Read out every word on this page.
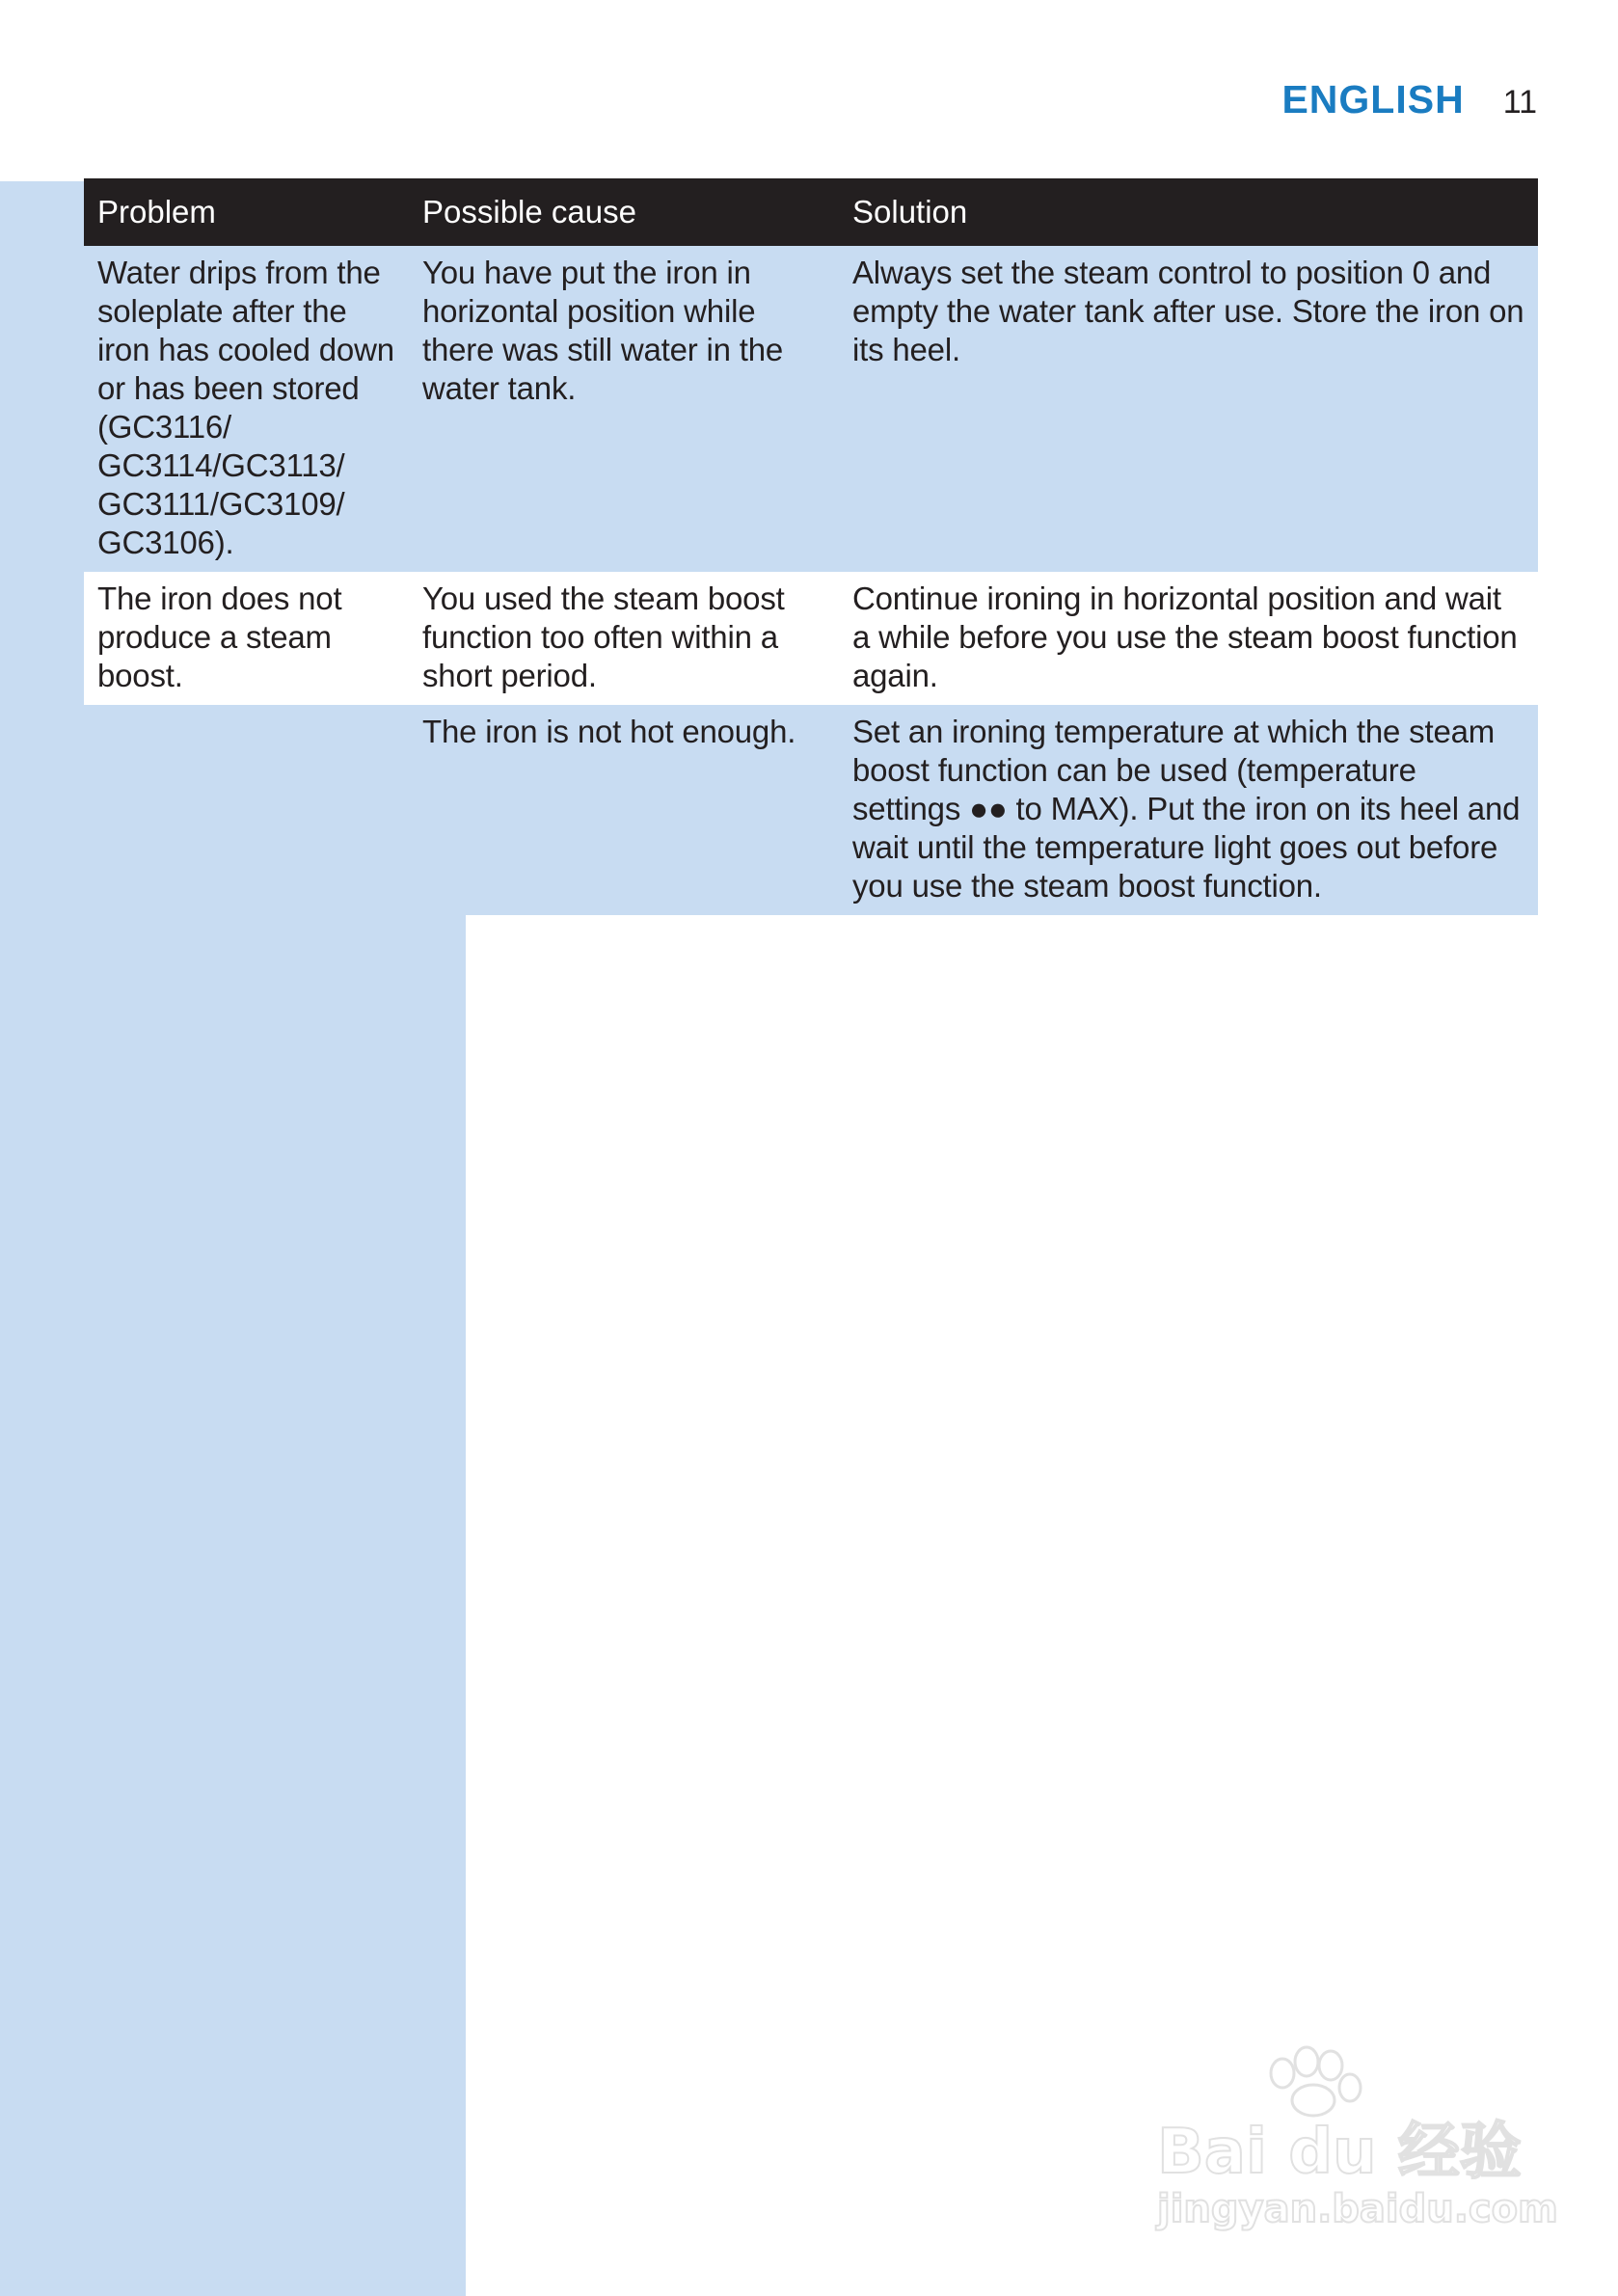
ENGLISH 11
Problem	Possible cause	Solution
Water drips from the soleplate after the iron has cooled down or has been stored (GC3116/ GC3114/GC3113/ GC3111/GC3109/ GC3106).	You have put the iron in horizontal position while there was still water in the water tank.	Always set the steam control to position 0 and empty the water tank after use. Store the iron on its heel.
The iron does not produce a steam boost.	You used the steam boost function too often within a short period.	Continue ironing in horizontal position and wait a while before you use the steam boost function again.
	The iron is not hot enough.	Set an ironing temperature at which the steam boost function can be used (temperature settings ●● to MAX). Put the iron on its heel and wait until the temperature light goes out before you use the steam boost function.
Bai du 经验
jingyan.baidu.com
